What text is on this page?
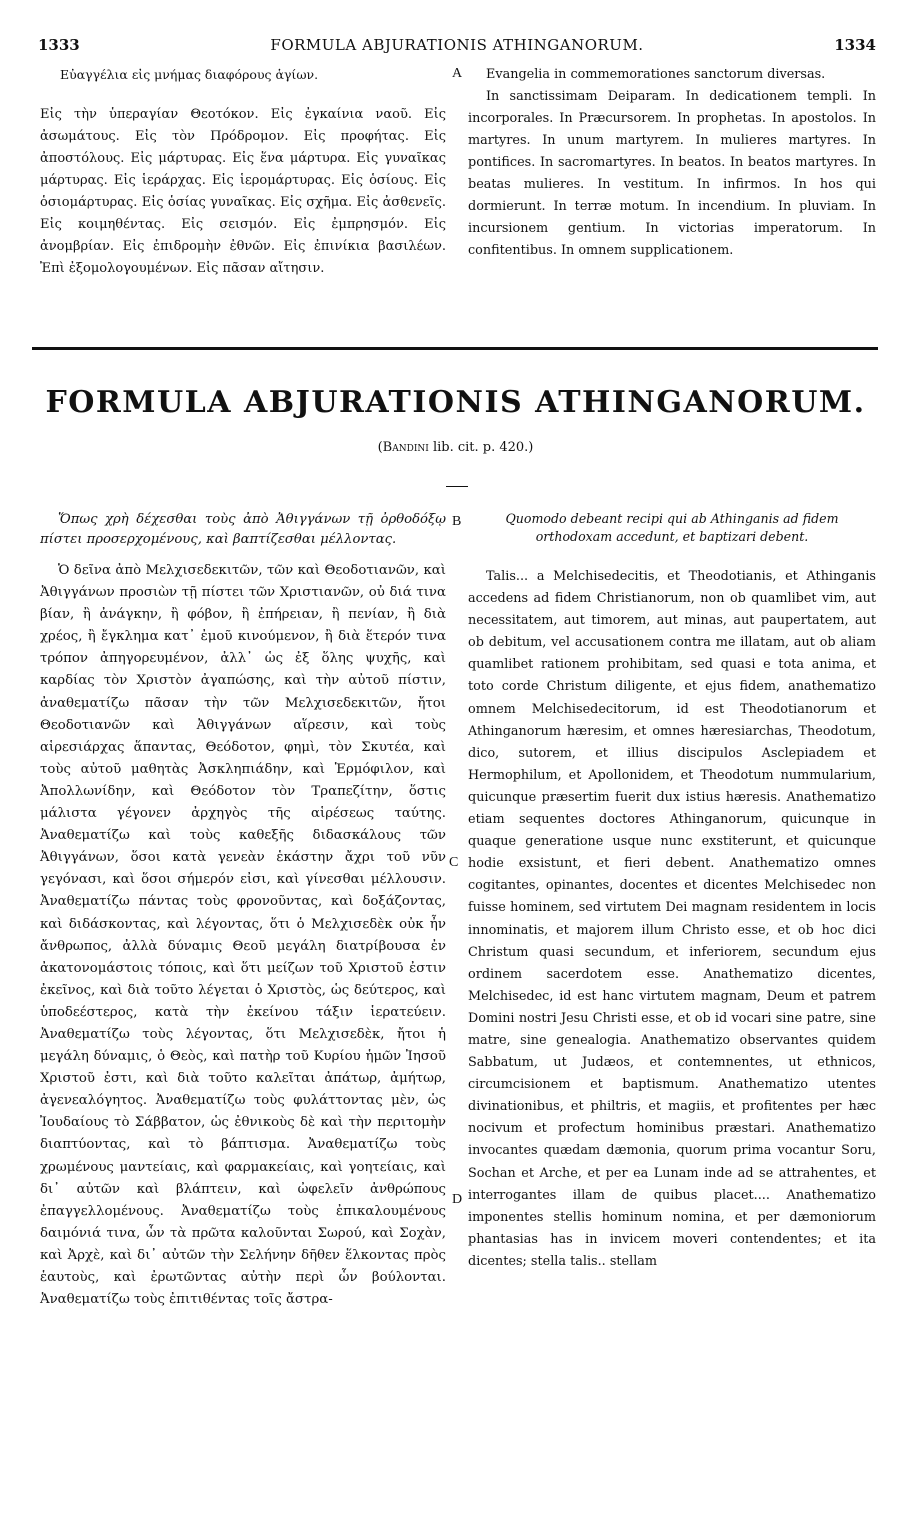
1333	FORMULA ABJURATIONIS ATHINGANORUM.	1334
Εὐαγγέλια εἰς μνήμας διαφόρους ἁγίων.
Εἰς τὴν ὑπεραγίαν Θεοτόκον. Εἰς ἐγκαίνια ναοῦ. Εἰς ἀσωμάτους. Εἰς τὸν Πρόδρομον. Εἰς προφήτας. Εἰς ἀποστόλους. Εἰς μάρτυρας. Εἰς ἕνα μάρτυρα. Εἰς γυναῖκας μάρτυρας. Εἰς ἱεράρχας. Εἰς ἱερομάρτυρας. Εἰς ὁσίους. Εἰς ὁσιομάρτυρας. Εἰς ὁσίας γυναῖκας. Εἰς σχῆμα. Εἰς ἀσθενεῖς. Εἰς κοιμηθέντας. Εἰς σεισμόν. Εἰς ἐμπρησμόν. Εἰς ἀνομβρίαν. Εἰς ἐπιδρομὴν ἐθνῶν. Εἰς ἐπινίκια βασιλέων. Ἐπὶ ἐξομολογουμένων. Εἰς πᾶσαν αἴτησιν.
A	Evangelia in commemorationes sanctorum diversas.
In sanctissimam Deiparam. In dedicationem templi. In incorporales. In Præcursorem. In prophetas. In apostolos. In martyres. In unum martyrem. In mulieres martyres. In pontifices. In sacromartyres. In beatos. In beatos martyres. In beatas mulieres. In vestitum. In infirmos. In hos qui dormierunt. In terræ motum. In incendium. In pluviam. In incursionem gentium. In victorias imperatorum. In confitentibus. In omnem supplicationem.
FORMULA ABJURATIONIS ATHINGANORUM.
(Bandini lib. cit. p. 420.)
Ὅπως χρὴ δέχεσθαι τοὺς ἀπὸ Ἀθιγγάνων τῇ ὀρθοδόξῳ πίστει προσερχομένους, καὶ βαπτίζεσθαι μέλλοντας.
Ὁ δεῖνα ἀπὸ Μελχισεδεκιτῶν, τῶν καὶ Θεοδοτιανῶν, καὶ Ἀθιγγάνων προσιὼν τῇ πίστει τῶν Χριστιανῶν, οὐ διά τινα βίαν, ἢ ἀνάγκην, ἢ φόβον, ἢ ἐπήρειαν, ἢ πενίαν, ἢ διὰ χρέος, ἢ ἔγκλημα κατ᾿ ἐμοῦ κινούμενον, ἢ διὰ ἕτερόν τινα τρόπον ἀπηγορευμένον, ἀλλ᾿ ὡς ἐξ ὅλης ψυχῆς, καὶ καρδίας τὸν Χριστὸν ἀγαπώσης, καὶ τὴν αὐτοῦ πίστιν, ἀναθεματίζω πᾶσαν τὴν τῶν Μελχισεδεκιτῶν, ἤτοι Θεοδοτιανῶν καὶ Ἀθιγγάνων αἵρεσιν, καὶ τοὺς αἱρεσιάρχας ἅπαντας, Θεόδοτον, φημὶ, τὸν Σκυτέα, καὶ τοὺς αὐτοῦ μαθητὰς Ἀσκληπιάδην, καὶ Ἑρμόφιλον, καὶ Ἀπολλωνίδην, καὶ Θεόδοτον τὸν Τραπεζίτην, ὅστις μάλιστα γέγονεν ἀρχηγὸς τῆς αἱρέσεως ταύτης. Ἀναθεματίζω καὶ τοὺς καθεξῆς διδασκάλους τῶν Ἀθιγγάνων, ὅσοι κατὰ γενεὰν ἑκάστην ἄχρι τοῦ νῦν γεγόνασι, καὶ ὅσοι σήμερόν εἰσι, καὶ γίνεσθαι μέλλουσιν. Ἀναθεματίζω πάντας τοὺς φρονοῦντας, καὶ δοξάζοντας, καὶ διδάσκοντας, καὶ λέγοντας, ὅτι ὁ Μελχισεδὲκ οὐκ ἦν ἄνθρωπος, ἀλλὰ δύναμις Θεοῦ μεγάλη διατρίβουσα ἐν ἀκατονομάστοις τόποις, καὶ ὅτι μείζων τοῦ Χριστοῦ ἐστιν ἐκεῖνος, καὶ διὰ τοῦτο λέγεται ὁ Χριστὸς, ὡς δεύτερος, καὶ ὑποδεέστερος, κατὰ τὴν ἐκείνου τάξιν ἱερατεύειν. Ἀναθεματίζω τοὺς λέγοντας, ὅτι Μελχισεδὲκ, ἤτοι ἡ μεγάλη δύναμις, ὁ Θεὸς, καὶ πατὴρ τοῦ Κυρίου ἡμῶν Ἰησοῦ Χριστοῦ ἐστι, καὶ διὰ τοῦτο καλεῖται ἀπάτωρ, ἀμήτωρ, ἀγενεαλόγητος. Ἀναθεματίζω τοὺς φυλάττοντας μὲν, ὡς Ἰουδαίους τὸ Σάββατον, ὡς ἐθνικοὺς δὲ καὶ τὴν περιτομὴν διαπτύοντας, καὶ τὸ βάπτισμα. Ἀναθεματίζω τοὺς χρωμένους μαντείαις, καὶ φαρμακείαις, καὶ γοητείαις, καὶ δι᾿ αὐτῶν καὶ βλάπτειν, καὶ ὠφελεῖν ἀνθρώπους ἐπαγγελλομένους. Ἀναθεματίζω τοὺς ἐπικαλουμένους δαιμόνιά τινα, ὧν τὰ πρῶτα καλοῦνται Σωρού, καὶ Σοχὰν, καὶ Ἀρχὲ, καὶ δι᾿ αὐτῶν τὴν Σελήνην δῆθεν ἕλκοντας πρὸς ἑαυτοὺς, καὶ ἐρωτῶντας αὐτὴν περὶ ὧν βούλονται. Ἀναθεματίζω τοὺς ἐπιτιθέντας τοῖς ἄστρα-
B
C
D
Quomodo debeant recipi qui ab Athinganis ad fidem orthodoxam accedunt, et baptizari debent.
Talis... a Melchisedecitis, et Theodotianis, et Athinganis accedens ad fidem Christianorum, non ob quamlibet vim, aut necessitatem, aut timorem, aut minas, aut paupertatem, aut ob debitum, vel accusationem contra me illatam, aut ob aliam quamlibet rationem prohibitam, sed quasi e tota anima, et toto corde Christum diligente, et ejus fidem, anathematizo omnem Melchisedecitorum, id est Theodotianorum et Athinganorum hæresim, et omnes hæresiarchas, Theodotum, dico, sutorem, et illius discipulos Asclepiadem et Hermophilum, et Apollonidem, et Theodotum nummularium, quicunque præsertim fuerit dux istius hæresis. Anathematizo etiam sequentes doctores Athinganorum, quicunque in quaque generatione usque nunc exstiterunt, et quicunque hodie exsistunt, et fieri debent. Anathematizo omnes cogitantes, opinantes, docentes et dicentes Melchisedec non fuisse hominem, sed virtutem Dei magnam residentem in locis innominatis, et majorem illum Christo esse, et ob hoc dici Christum quasi secundum, et inferiorem, secundum ejus ordinem sacerdotem esse. Anathematizo dicentes, Melchisedec, id est hanc virtutem magnam, Deum et patrem Domini nostri Jesu Christi esse, et ob id vocari sine patre, sine matre, sine genealogia. Anathematizo observantes quidem Sabbatum, ut Judæos, et contemnentes, ut ethnicos, circumcisionem et baptismum. Anathematizo utentes divinationibus, et philtris, et magiis, et profitentes per hæc nocivum et profectum hominibus præstari. Anathematizo invocantes quædam dæmonia, quorum prima vocantur Soru, Sochan et Arche, et per ea Lunam inde ad se attrahentes, et interrogantes illam de quibus placet.... Anathematizo imponentes stellis hominum nomina, et per dæmoniorum phantasias has in invicem moveri contendentes; et ita dicentes; stella talis.. stellam
